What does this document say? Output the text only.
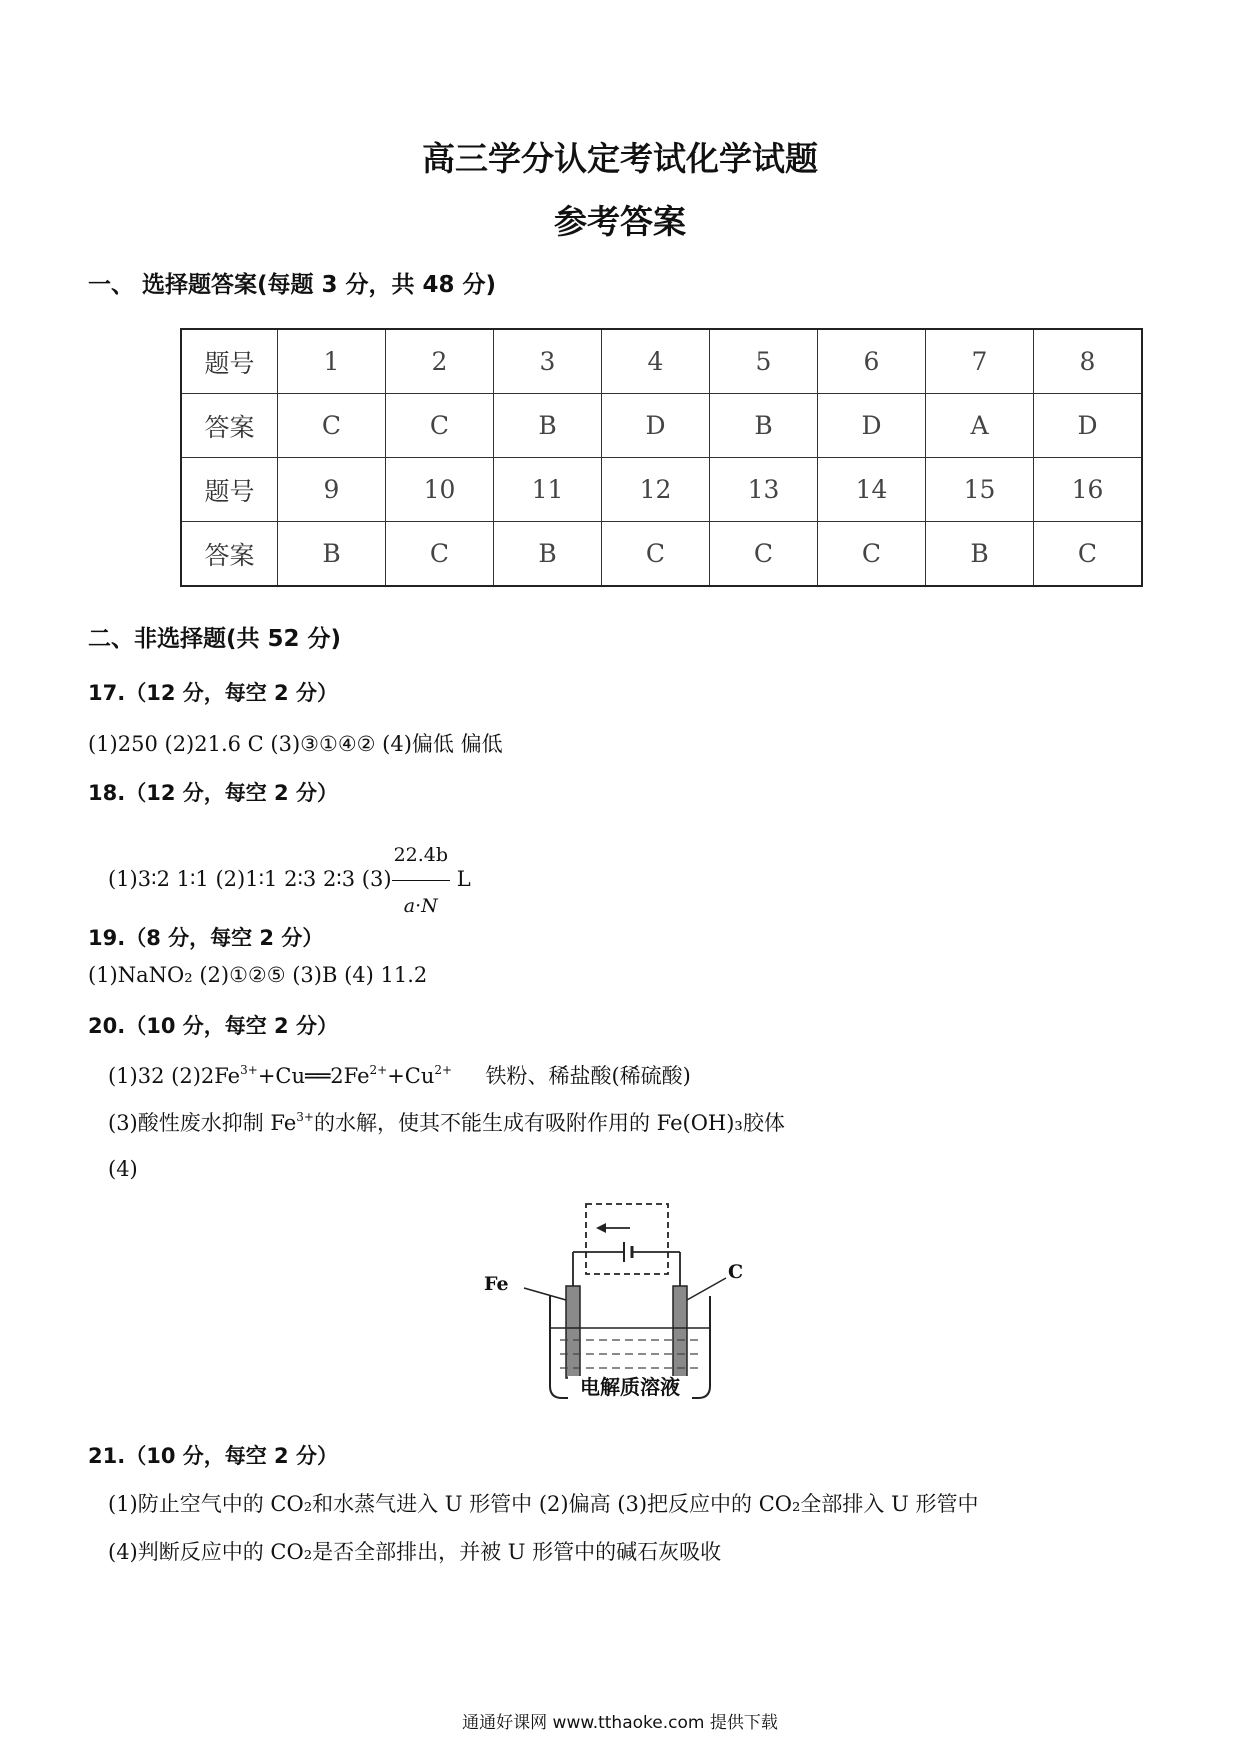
高三学分认定考试化学试题
参考答案
一、 选择题答案(每题 3 分，共 48 分)
题号	1	2	3	4	5	6	7	8
答案	C	C	B	D	B	D	A	D
题号	9	10	11	12	13	14	15	16
答案	B	C	B	C	C	C	B	C
二、非选择题(共 52 分)
17.（12 分，每空 2 分）
(1)250 (2)21.6 C (3)③①④② (4)偏低 偏低
18.（12 分，每空 2 分）
(1)3∶2 1∶1 (2)1∶1 2∶3 2∶3 $(3) \frac{22.4b}{a\cdot N}$ L
19.（8 分，每空 2 分）
(1)NaNO₂ (2)①②⑤ (3)B (4) 11.2
20.（10 分，每空 2 分）
(1)32 $(2)2Fe^{3+}+Cu══2Fe^{2+}+Cu^{2+}$     铁粉、稀盐酸(稀硫酸)
(3)酸性废水抑制 $Fe^{3+}$的水解，使其不能生成有吸附作用的 Fe(OH)₃胶体
(4)
Fe
C
电解质溶液
21.（10 分，每空 2 分）
(1)防止空气中的 CO₂和水蒸气进入 U 形管中 (2)偏高 (3)把反应中的 CO₂全部排入 U 形管中
(4)判断反应中的 CO₂是否全部排出，并被 U 形管中的碱石灰吸收
通通好课网 www.tthaoke.com 提供下载
